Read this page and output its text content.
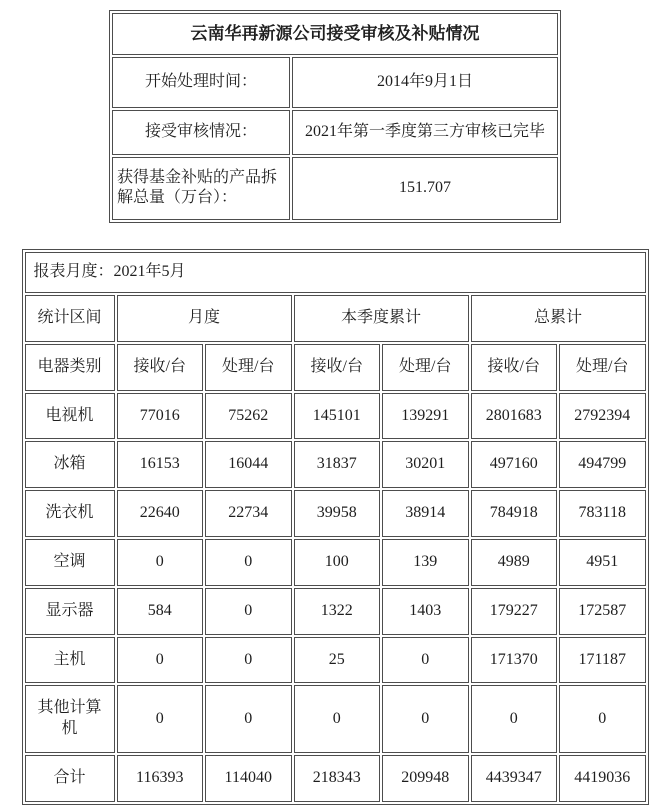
云南华再新源公司接受审核及补贴情况	
开始处理时间：	2014年9月1日
接受审核情况：	2021年第一季度第三方审核已完毕
获得基金补贴的产品拆解总量（万台）：	151.707
报表月度：2021年5月						
统计区间	月度		本季度累计		总累计	
电器类别	接收/台	处理/台	接收/台	处理/台	接收/台	处理/台
电视机	77016	75262	145101	139291	2801683	2792394
冰箱	16153	16044	31837	30201	497160	494799
洗衣机	22640	22734	39958	38914	784918	783118
空调	0	0	100	139	4989	4951
显示器	584	0	1322	1403	179227	172587
主机	0	0	25	0	171370	171187
其他计算机	0	0	0	0	0	0
合计	116393	114040	218343	209948	4439347	4419036
